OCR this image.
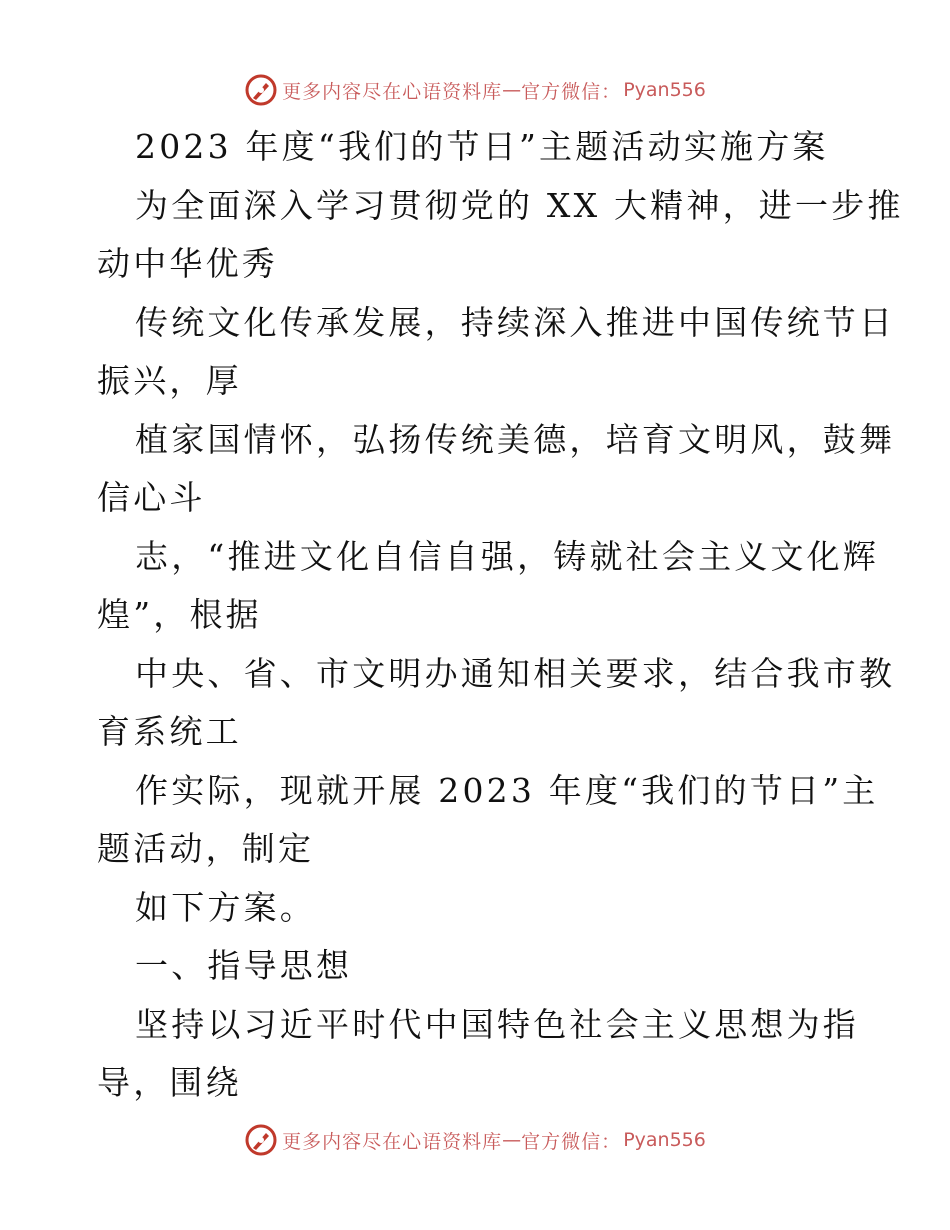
更多内容尽在心语资料库 — 官方微信： Pyan556
2023 年度“我们的节日”主题活动实施方案
为全面深入学习贯彻党的 XX 大精神，进一步推
动中华优秀
传统文化传承发展，持续深入推进中国传统节日
振兴，厚
植家国情怀，弘扬传统美德，培育文明风，鼓舞
信心斗
志，“推进文化自信自强，铸就社会主义文化辉
煌”，根据
中央、省、市文明办通知相关要求，结合我市教
育系统工
作实际，现就开展 2023 年度“我们的节日”主
题活动，制定
如下方案。
一、指导思想
坚持以习近平时代中国特色社会主义思想为指
导，围绕
更多内容尽在心语资料库 — 官方微信： Pyan556
